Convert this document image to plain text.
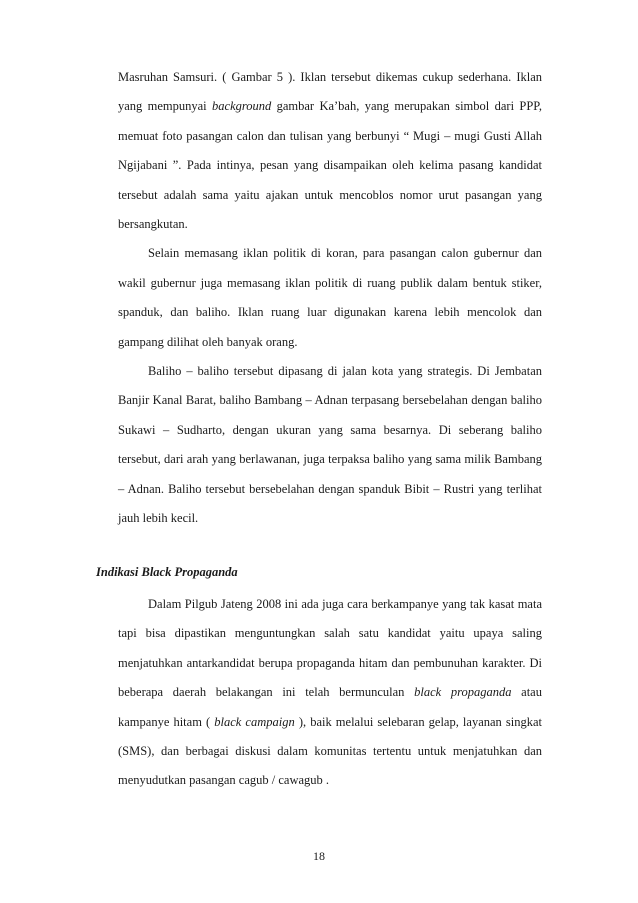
Masruhan Samsuri. ( Gambar 5 ). Iklan tersebut dikemas cukup sederhana. Iklan yang mempunyai background gambar Ka’bah, yang merupakan simbol dari PPP, memuat foto pasangan calon dan tulisan yang berbunyi “ Mugi – mugi Gusti Allah Ngijabani ”. Pada intinya, pesan yang disampaikan oleh kelima pasang kandidat tersebut adalah sama yaitu ajakan untuk mencoblos nomor urut pasangan yang bersangkutan.

Selain memasang iklan politik di koran, para pasangan calon gubernur dan wakil gubernur juga memasang iklan politik di ruang publik dalam bentuk stiker, spanduk, dan baliho. Iklan ruang luar digunakan karena lebih mencolok dan gampang dilihat oleh banyak orang.

Baliho – baliho tersebut dipasang di jalan kota yang strategis. Di Jembatan Banjir Kanal Barat, baliho Bambang – Adnan terpasang bersebelahan dengan baliho Sukawi – Sudharto, dengan ukuran yang sama besarnya. Di seberang baliho tersebut, dari arah yang berlawanan, juga terpaksa baliho yang sama milik Bambang – Adnan. Baliho tersebut bersebelahan dengan spanduk Bibit – Rustri yang terlihat jauh lebih kecil.

Indikasi Black Propaganda

Dalam Pilgub Jateng 2008 ini ada juga cara berkampanye yang tak kasat mata tapi bisa dipastikan menguntungkan salah satu kandidat yaitu upaya saling menjatuhkan antarkandidat berupa propaganda hitam dan pembunuhan karakter. Di beberapa daerah belakangan ini telah bermunculan black propaganda atau kampanye hitam ( black campaign ), baik melalui selebaran gelap, layanan singkat (SMS), dan berbagai diskusi dalam komunitas tertentu untuk menjatuhkan dan menyudutkan pasangan cagub / cawagub .

18
